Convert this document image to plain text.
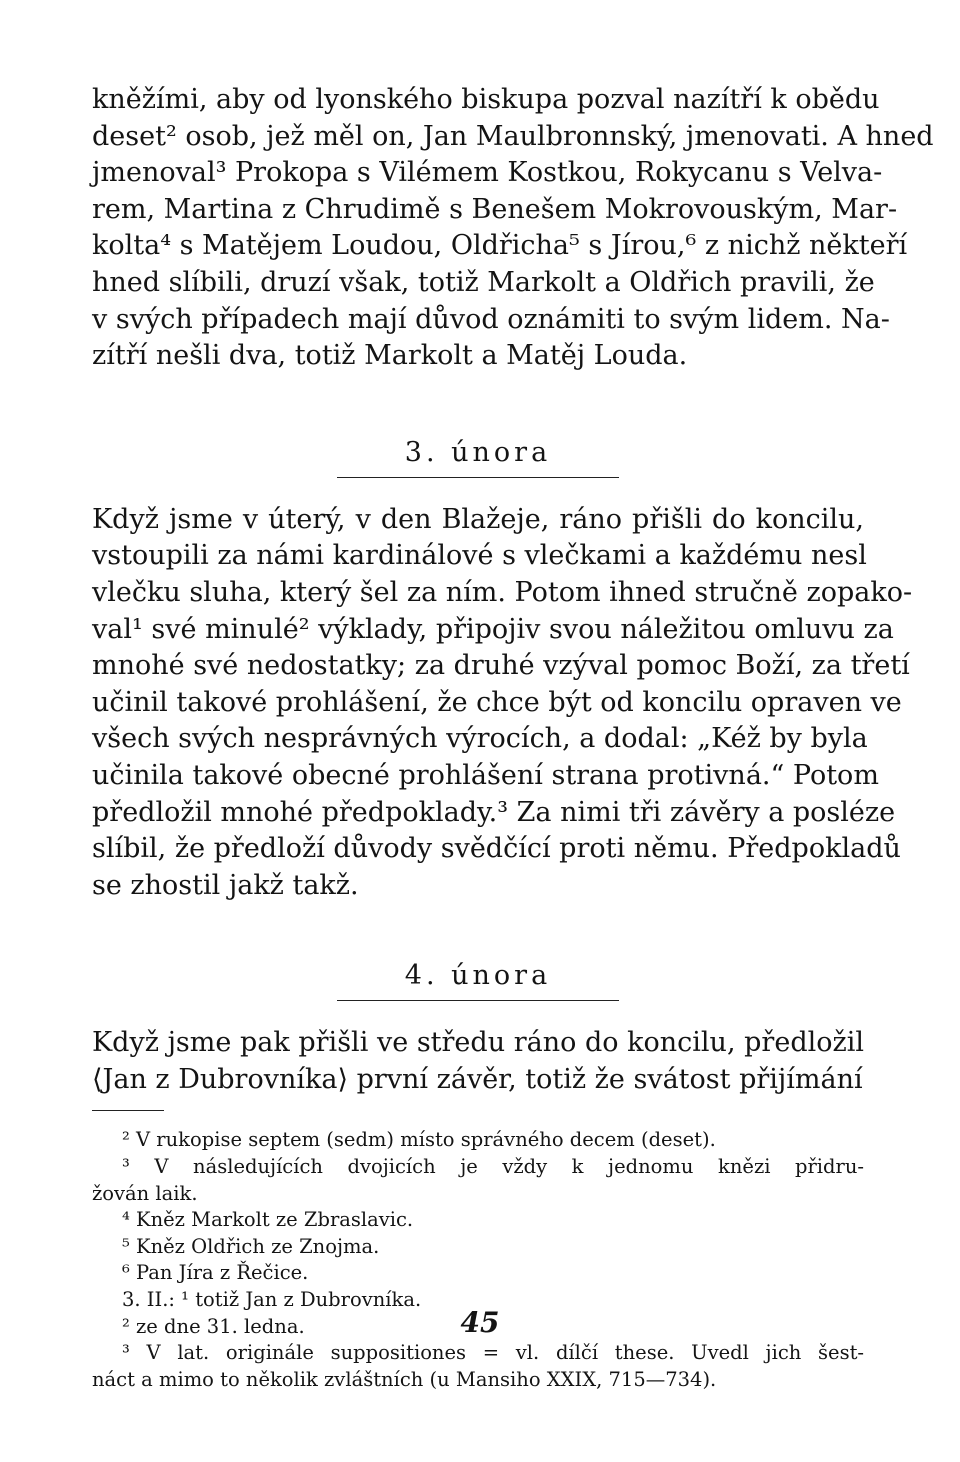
kněžími, aby od lyonského biskupa pozval nazítří k obědu
deset² osob, jež měl on, Jan Maulbronnský, jmenovati. A hned
jmenoval³ Prokopa s Vilémem Kostkou, Rokycanu s Velva-
rem, Martina z Chrudimě s Benešem Mokrovouským, Mar-
kolta⁴ s Matějem Loudou, Oldřicha⁵ s Jírou,⁶ z nichž někteří
hned slíbili, druzí však, totiž Markolt a Oldřich pravili, že
v svých případech mají důvod oznámiti to svým lidem. Na-
zítří nešli dva, totiž Markolt a Matěj Louda.

3. února

Když jsme v úterý, v den Blažeje, ráno přišli do koncilu,
vstoupili za námi kardinálové s vlečkami a každému nesl
vlečku sluha, který šel za ním. Potom ihned stručně zopako-
val¹ své minulé² výklady, připojiv svou náležitou omluvu za
mnohé své nedostatky; za druhé vzýval pomoc Boží, za třetí
učinil takové prohlášení, že chce být od koncilu opraven ve
všech svých nesprávných výrocích, a dodal: „Kéž by byla
učinila takové obecné prohlášení strana protivná.“ Potom
předložil mnohé předpoklady.³ Za nimi tři závěry a posléze
slíbil, že předloží důvody svědčící proti němu. Předpokladů
se zhostil jakž takž.

4. února

Když jsme pak přišli ve středu ráno do koncilu, předložil
⟨Jan z Dubrovníka⟩ první závěr, totiž že svátost přijímání
² V rukopise septem (sedm) místo správného decem (deset).
³ V následujících dvojicích je vždy k jednomu knězi přidru-
žován laik.
⁴ Kněz Markolt ze Zbraslavic.
⁵ Kněz Oldřich ze Znojma.
⁶ Pan Jíra z Řečice.
3. II.: ¹ totiž Jan z Dubrovníka.
² ze dne 31. ledna.
³ V lat. originále suppositiones = vl. dílčí these. Uvedl jich šest-
náct a mimo to několik zvláštních (u Mansiho XXIX, 715—734).
45
